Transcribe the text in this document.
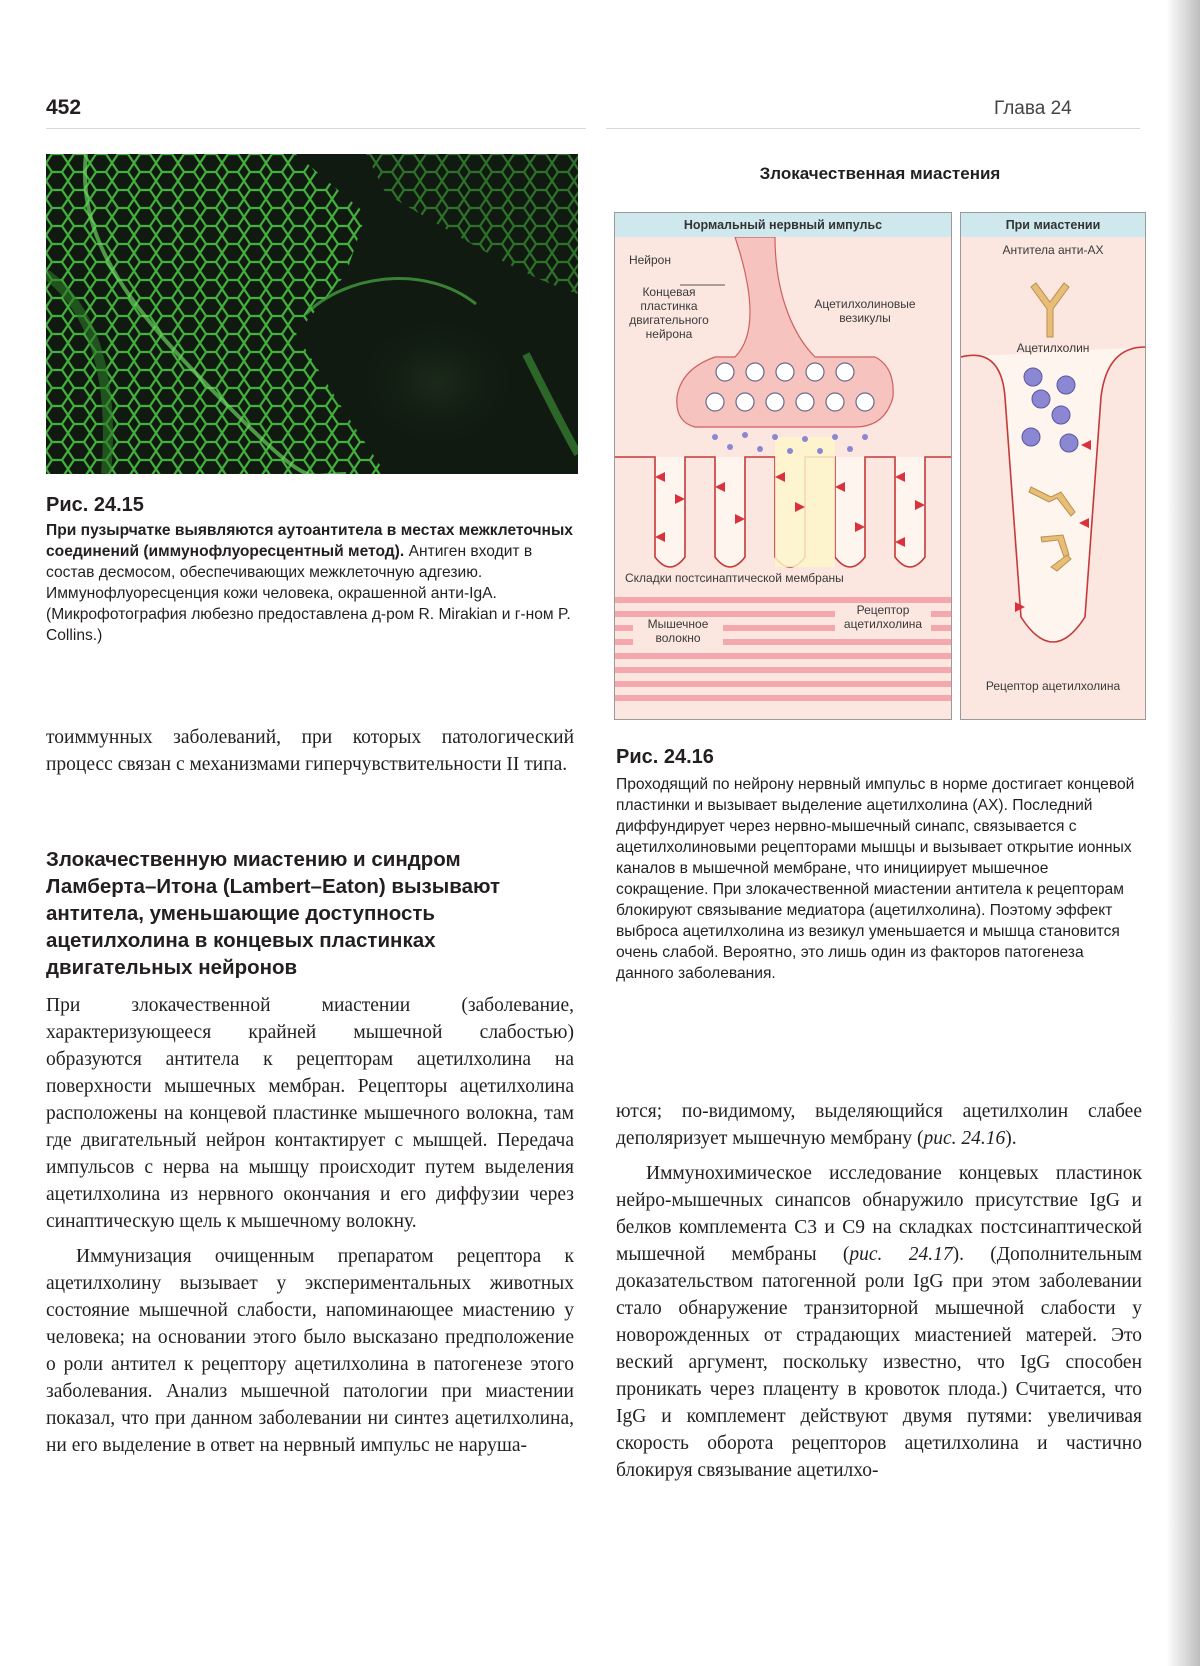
452	Глава 24
Рис. 24.15
При пузырчатке выявляются аутоантитела в местах межклеточных соединений (иммунофлуоресцентный метод). Антиген входит в состав десмосом, обеспечивающих межклеточную адгезию. Иммунофлуоресценция кожи человека, окрашенной анти-IgA. (Микрофотография любезно предоставлена д-ром R. Mirakian и г-ном P. Collins.)

тоиммунных заболеваний, при которых патологический процесс связан с механизмами гиперчувствительности II типа.

Злокачественную миастению и синдром Ламберта–Итона (Lambert–Eaton) вызывают антитела, уменьшающие доступность ацетилхолина в концевых пластинках двигательных нейронов

При злокачественной миастении (заболевание, характеризующееся крайней мышечной слабостью) образуются антитела к рецепторам ацетилхолина на поверхности мышечных мембран. Рецепторы ацетилхолина расположены на концевой пластинке мышечного волокна, там где двигательный нейрон контактирует с мышцей. Передача импульсов с нерва на мышцу происходит путем выделения ацетилхолина из нервного окончания и его диффузии через синаптическую щель к мышечному волокну.

Иммунизация очищенным препаратом рецептора к ацетилхолину вызывает у экспериментальных животных состояние мышечной слабости, напоминающее миастению у человека; на основании этого было высказано предположение о роли антител к рецептору ацетилхолина в патогенезе этого заболевания. Анализ мышечной патологии при миастении показал, что при данном заболевании ни синтез ацетилхолина, ни его выделение в ответ на нервный импульс не наруша-

Злокачественная миастения
Нормальный нервный импульс
Нейрон
Концевая пластинка двигательного нейрона
Ацетилхолиновые везикулы
Складки постсинаптической мембраны
Мышечное волокно
Рецептор ацетилхолина
При миастении
Антитела анти-АХ
Ацетилхолин
Рецептор ацетилхолина
Рис. 24.16
Проходящий по нейрону нервный импульс в норме достигает концевой пластинки и вызывает выделение ацетилхолина (АХ). Последний диффундирует через нервно-мышечный синапс, связывается с ацетилхолиновыми рецепторами мышцы и вызывает открытие ионных каналов в мышечной мембране, что инициирует мышечное сокращение. При злокачественной миастении антитела к рецепторам блокируют связывание медиатора (ацетилхолина). Поэтому эффект выброса ацетилхолина из везикул уменьшается и мышца становится очень слабой. Вероятно, это лишь один из факторов патогенеза данного заболевания.

ются; по-видимому, выделяющийся ацетилхолин слабее деполяризует мышечную мембрану (рис. 24.16).

Иммунохимическое исследование концевых пластинок нейро-мышечных синапсов обнаружило присутствие IgG и белков комплемента C3 и C9 на складках постсинаптической мышечной мембраны (рис. 24.17). (Дополнительным доказательством патогенной роли IgG при этом заболевании стало обнаружение транзиторной мышечной слабости у новорожденных от страдающих миастенией матерей. Это веский аргумент, поскольку известно, что IgG способен проникать через плаценту в кровоток плода.) Считается, что IgG и комплемент действуют двумя путями: увеличивая скорость оборота рецепторов ацетилхолина и частично блокируя связывание ацетилхо-
